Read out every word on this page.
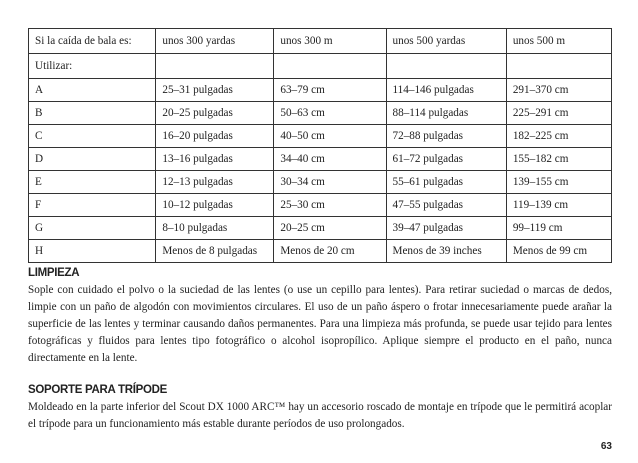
Si la caída de bala es:	unos 300 yardas	unos 300 m	unos 500 yardas	unos 500 m
Utilizar:				
A	25–31 pulgadas	63–79 cm	114–146 pulgadas	291–370 cm
B	20–25 pulgadas	50–63 cm	88–114 pulgadas	225–291 cm
C	16–20 pulgadas	40–50 cm	72–88 pulgadas	182–225 cm
D	13–16 pulgadas	34–40 cm	61–72 pulgadas	155–182 cm
E	12–13 pulgadas	30–34 cm	55–61 pulgadas	139–155 cm
F	10–12 pulgadas	25–30 cm	47–55 pulgadas	119–139 cm
G	8–10 pulgadas	20–25 cm	39–47 pulgadas	99–119 cm
H	Menos de 8 pulgadas	Menos de 20 cm	Menos de 39 inches	Menos de 99 cm
LIMPIEZA

Sople con cuidado el polvo o la suciedad de las lentes (o use un cepillo para lentes). Para retirar suciedad o marcas de dedos, limpie con un paño de algodón con movimientos circulares. El uso de un paño áspero o frotar innecesariamente puede arañar la superficie de las lentes y terminar causando daños permanentes. Para una limpieza más profunda, se puede usar tejido para lentes fotográficas y fluidos para lentes tipo fotográfico o alcohol isopropílico. Aplique siempre el producto en el paño, nunca directamente en la lente.

SOPORTE PARA TRÍPODE

Moldeado en la parte inferior del Scout DX 1000 ARC™ hay un accesorio roscado de montaje en trípode que le permitirá acoplar el trípode para un funcionamiento más estable durante períodos de uso prolongados.

63
